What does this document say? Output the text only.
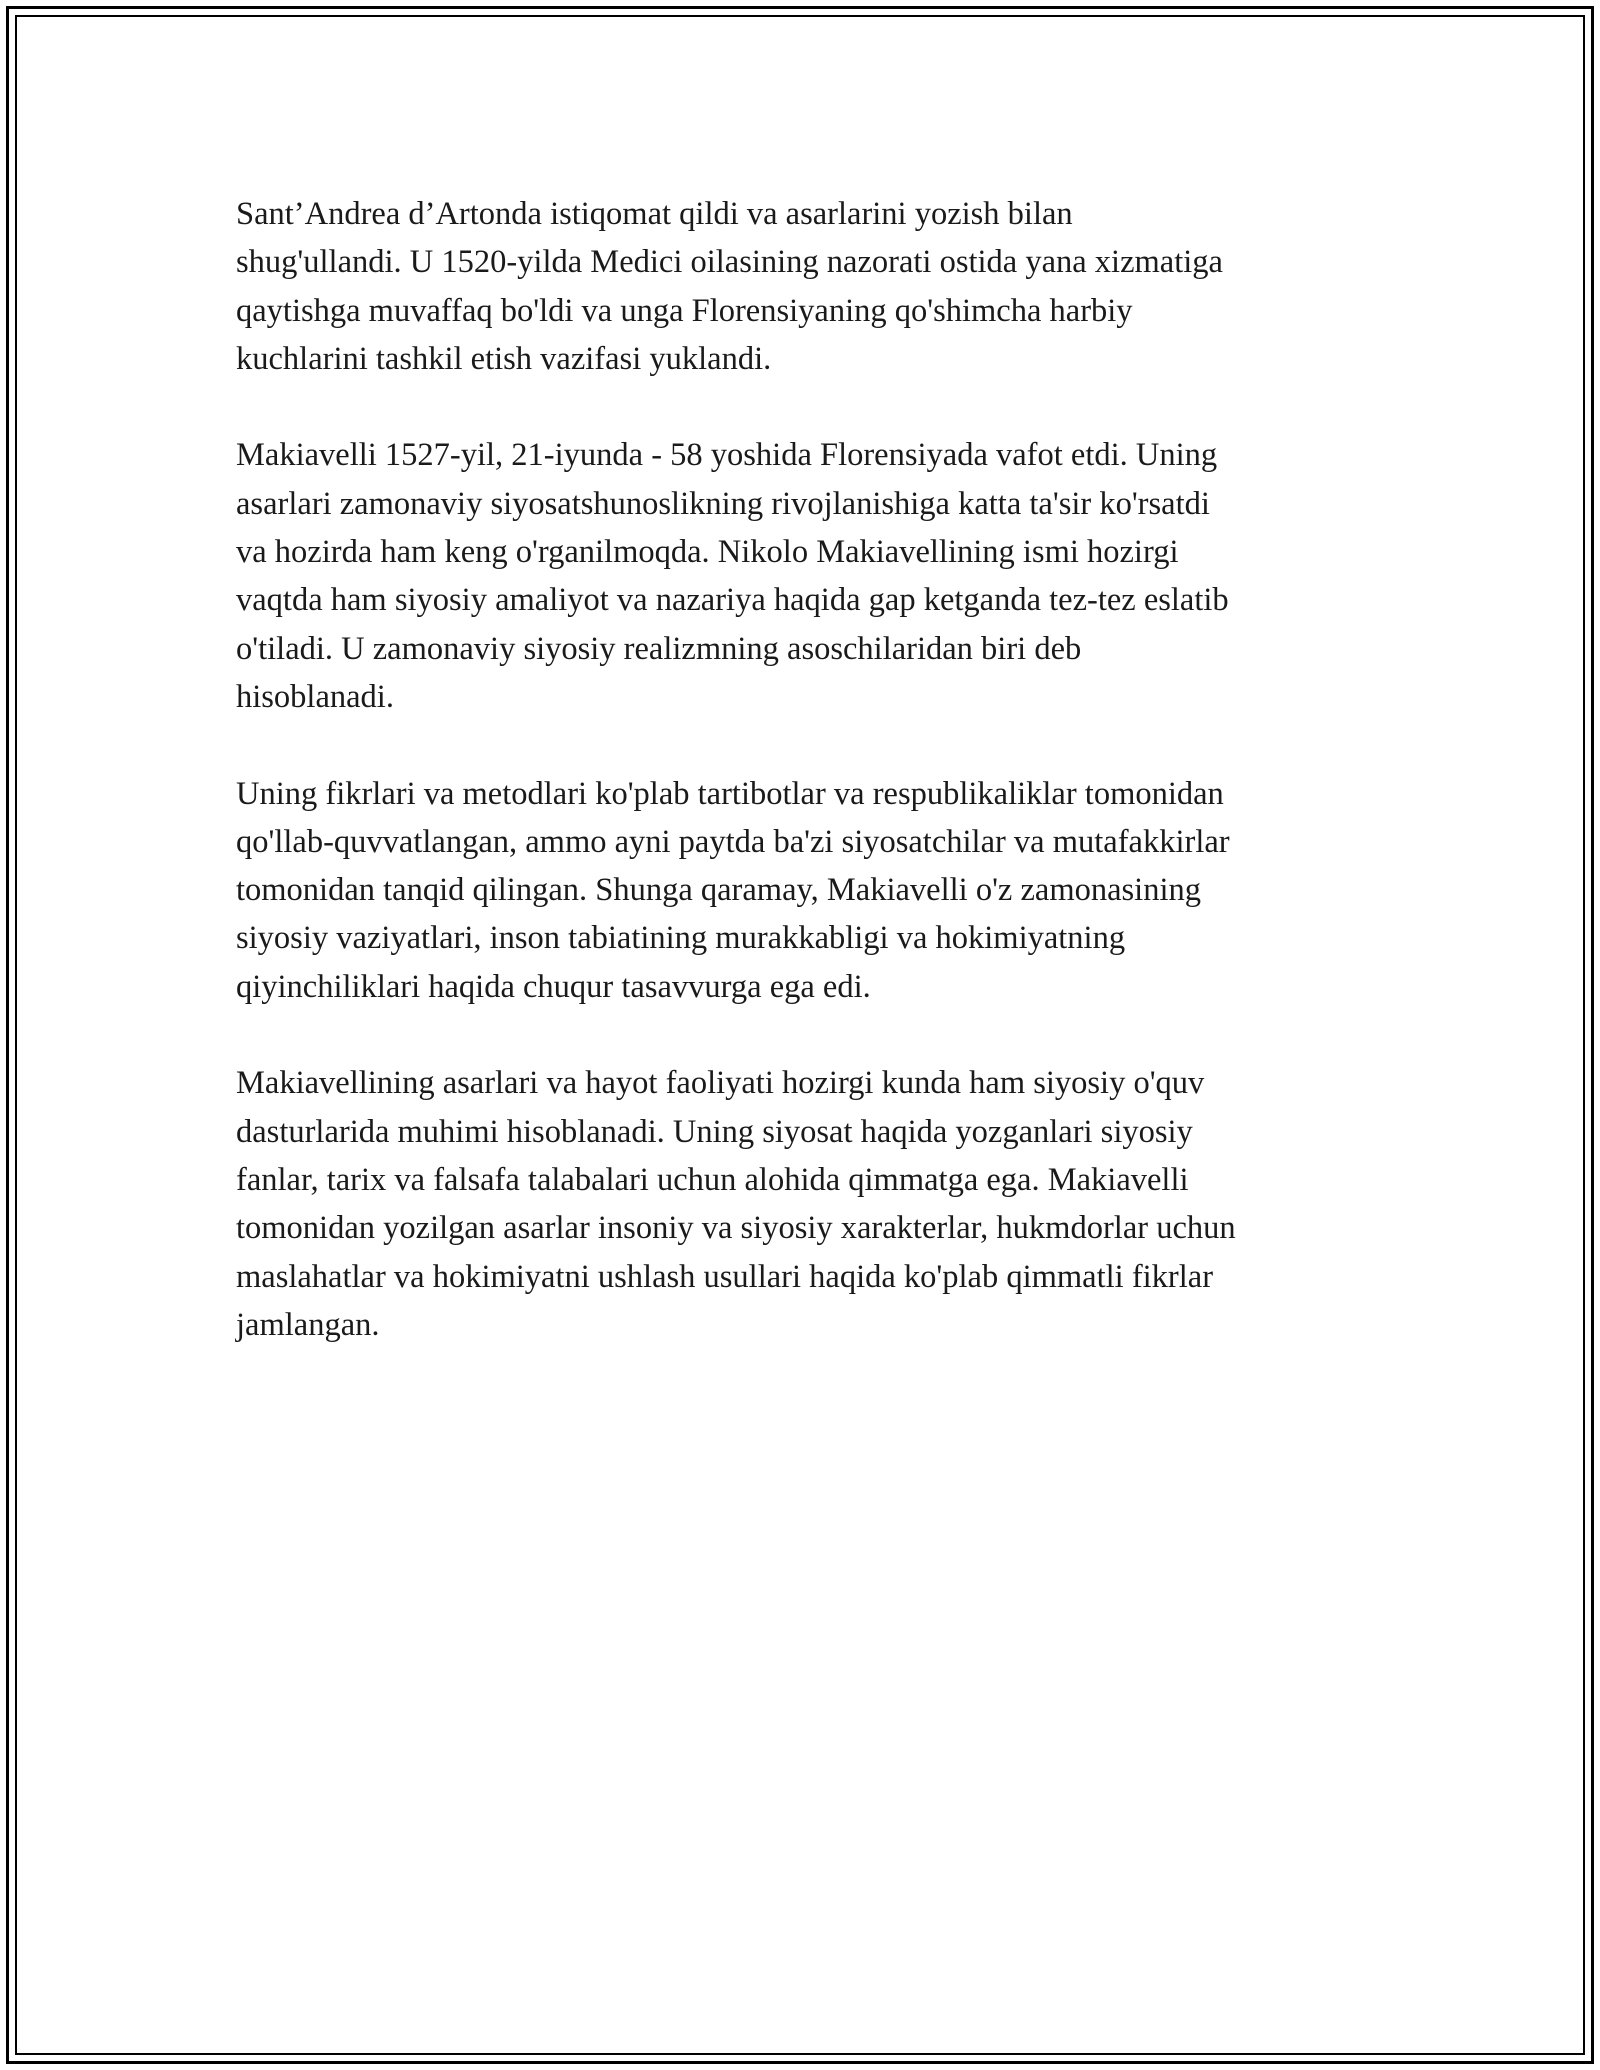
Sant’Andrea d’Artonda istiqomat qildi va asarlarini yozish bilan
shug'ullandi. U 1520-yilda Medici oilasining nazorati ostida yana xizmatiga
qaytishga muvaffaq bo'ldi va unga Florensiyaning qo'shimcha harbiy
kuchlarini tashkil etish vazifasi yuklandi.

Makiavelli 1527-yil, 21-iyunda - 58 yoshida Florensiyada vafot etdi. Uning
asarlari zamonaviy siyosatshunoslikning rivojlanishiga katta ta'sir ko'rsatdi
va hozirda ham keng o'rganilmoqda. Nikolo Makiavellining ismi hozirgi
vaqtda ham siyosiy amaliyot va nazariya haqida gap ketganda tez-tez eslatib
o'tiladi. U zamonaviy siyosiy realizmning asoschilaridan biri deb
hisoblanadi.

Uning fikrlari va metodlari ko'plab tartibotlar va respublikaliklar tomonidan
qo'llab-quvvatlangan, ammo ayni paytda ba'zi siyosatchilar va mutafakkirlar
tomonidan tanqid qilingan. Shunga qaramay, Makiavelli o'z zamonasining
siyosiy vaziyatlari, inson tabiatining murakkabligi va hokimiyatning
qiyinchiliklari haqida chuqur tasavvurga ega edi.

Makiavellining asarlari va hayot faoliyati hozirgi kunda ham siyosiy o'quv
dasturlarida muhimi hisoblanadi. Uning siyosat haqida yozganlari siyosiy
fanlar, tarix va falsafa talabalari uchun alohida qimmatga ega. Makiavelli
tomonidan yozilgan asarlar insoniy va siyosiy xarakterlar, hukmdorlar uchun
maslahatlar va hokimiyatni ushlash usullari haqida ko'plab qimmatli fikrlar
jamlangan.
